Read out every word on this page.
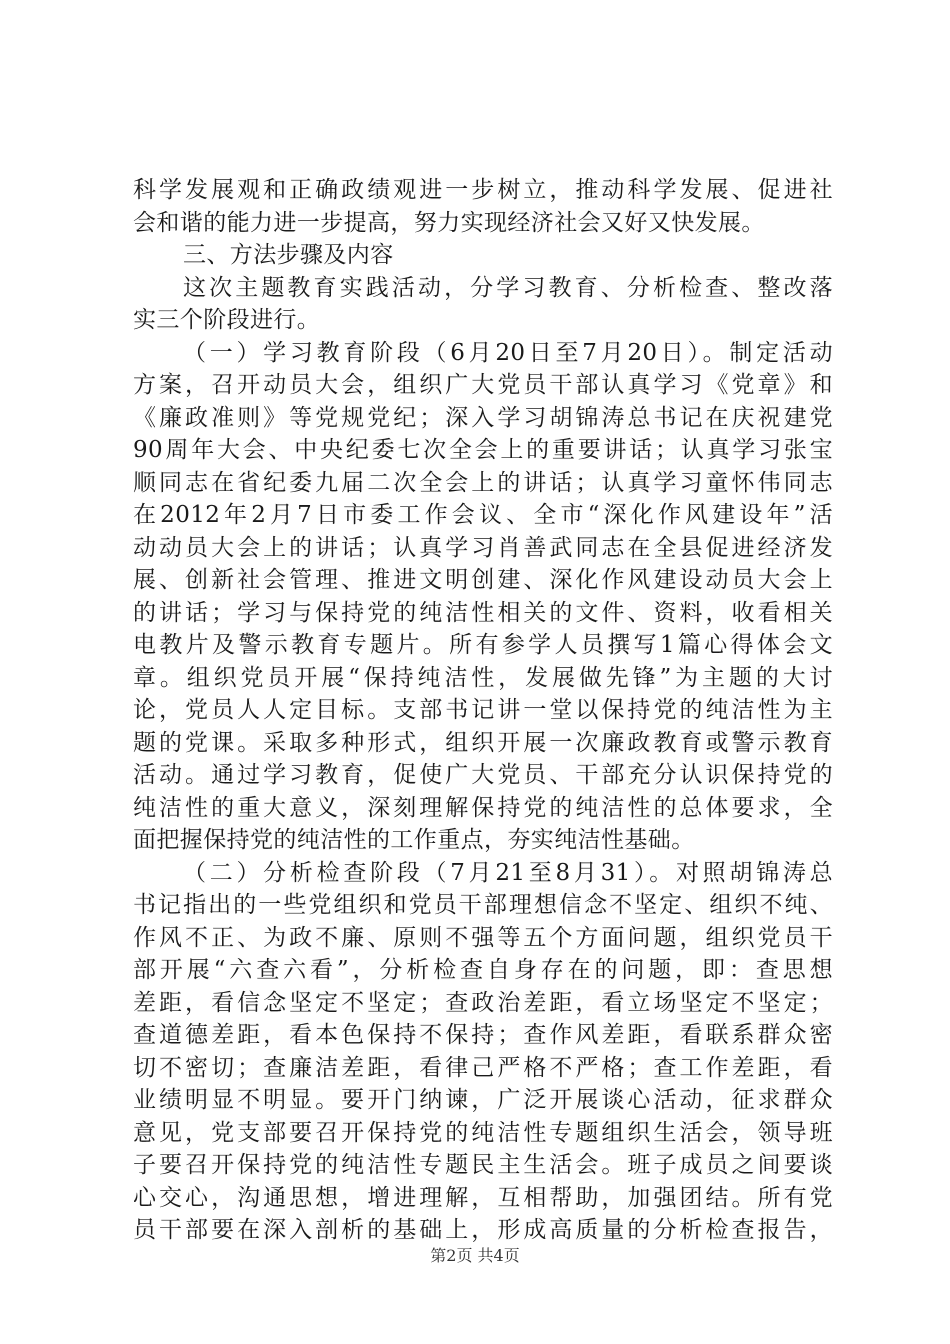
科学发展观和正确政绩观进一步树立，推动科学发展、促进社
会和谐的能力进一步提高，努力实现经济社会又好又快发展。
三、方法步骤及内容
这次主题教育实践活动，分学习教育、分析检查、整改落
实三个阶段进行。
（一）学习教育阶段（6月20日至7月20日）。制定活动
方案，召开动员大会，组织广大党员干部认真学习《党章》和
《廉政准则》等党规党纪；深入学习胡锦涛总书记在庆祝建党
90周年大会、中央纪委七次全会上的重要讲话；认真学习张宝
顺同志在省纪委九届二次全会上的讲话；认真学习童怀伟同志
在2012年2月7日市委工作会议、全市“深化作风建设年”活
动动员大会上的讲话；认真学习肖善武同志在全县促进经济发
展、创新社会管理、推进文明创建、深化作风建设动员大会上
的讲话；学习与保持党的纯洁性相关的文件、资料，收看相关
电教片及警示教育专题片。所有参学人员撰写1篇心得体会文
章。组织党员开展“保持纯洁性，发展做先锋”为主题的大讨
论，党员人人定目标。支部书记讲一堂以保持党的纯洁性为主
题的党课。采取多种形式，组织开展一次廉政教育或警示教育
活动。通过学习教育，促使广大党员、干部充分认识保持党的
纯洁性的重大意义，深刻理解保持党的纯洁性的总体要求，全
面把握保持党的纯洁性的工作重点，夯实纯洁性基础。
（二）分析检查阶段（7月21至8月31）。对照胡锦涛总
书记指出的一些党组织和党员干部理想信念不坚定、组织不纯、
作风不正、为政不廉、原则不强等五个方面问题，组织党员干
部开展“六查六看”，分析检查自身存在的问题，即：查思想
差距，看信念坚定不坚定；查政治差距，看立场坚定不坚定；
查道德差距，看本色保持不保持；查作风差距，看联系群众密
切不密切；查廉洁差距，看律己严格不严格；查工作差距，看
业绩明显不明显。要开门纳谏，广泛开展谈心活动，征求群众
意见，党支部要召开保持党的纯洁性专题组织生活会，领导班
子要召开保持党的纯洁性专题民主生活会。班子成员之间要谈
心交心，沟通思想，增进理解，互相帮助，加强团结。所有党
员干部要在深入剖析的基础上，形成高质量的分析检查报告，
第2页 共4页
